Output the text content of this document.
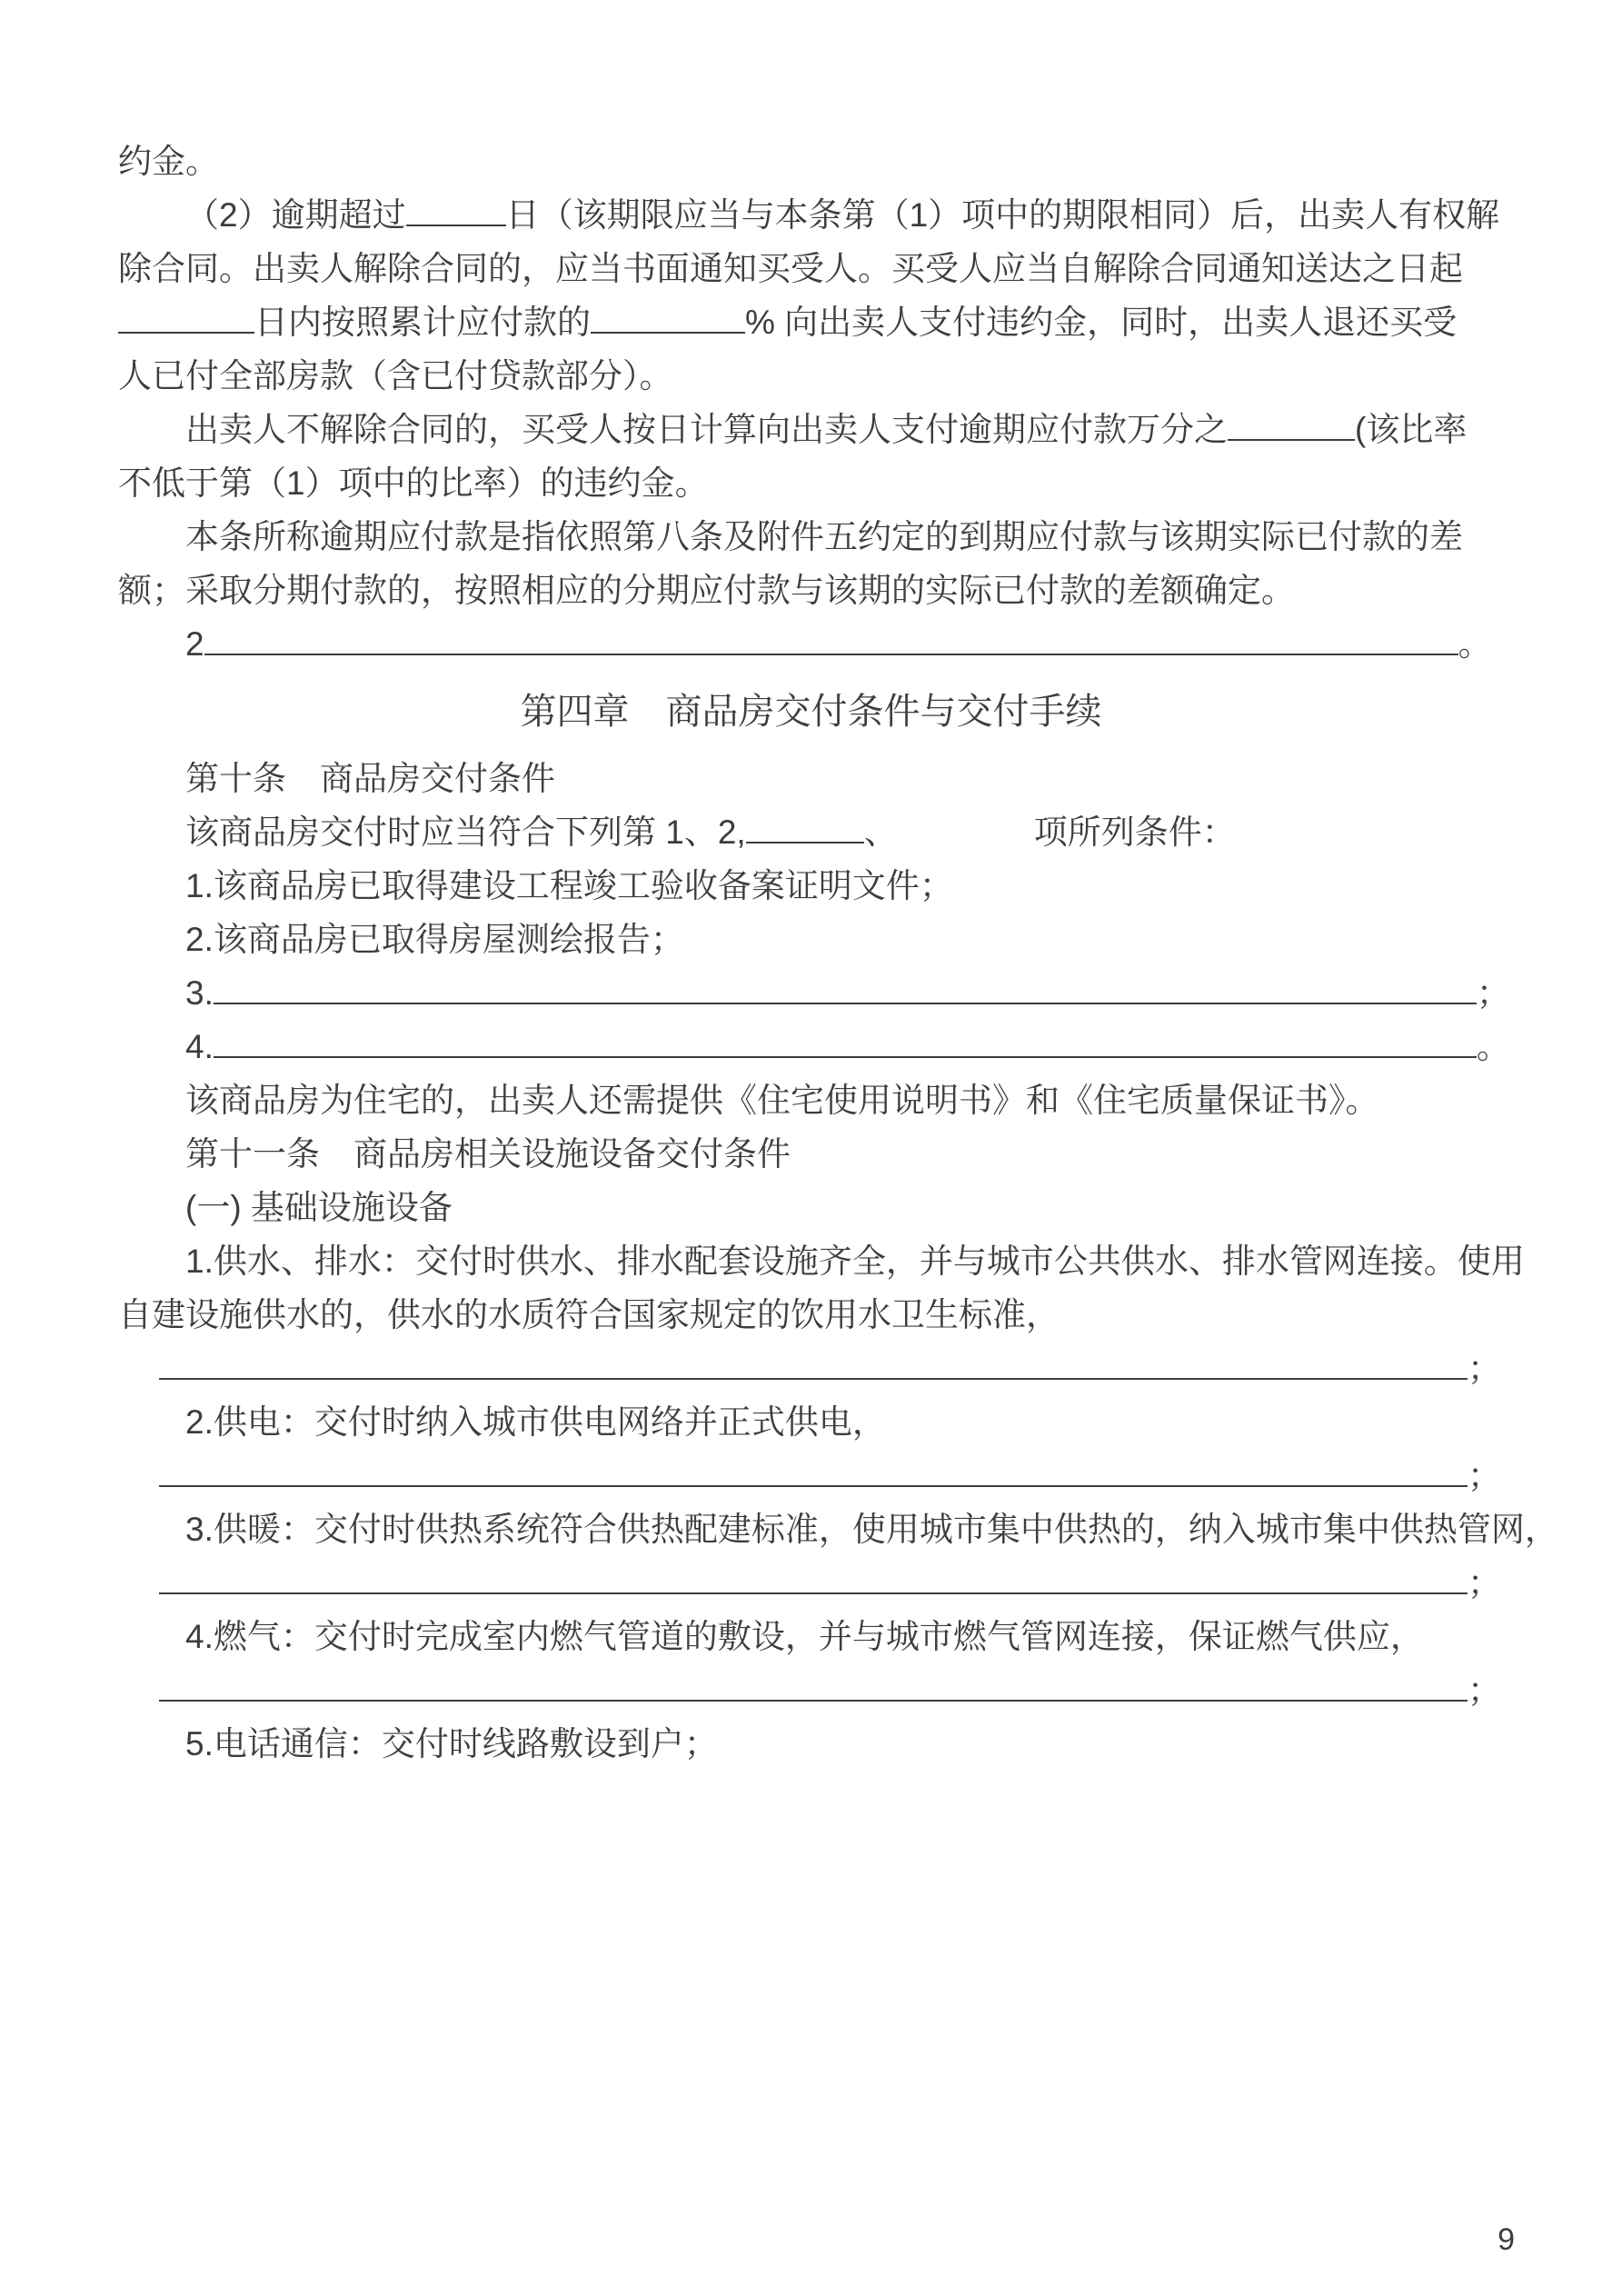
约金。
（2）逾期超过	日（该期限应当与本条第（1）项中的期限相同）后，出卖人有权解
除合同。出卖人解除合同的，应当书面通知买受人。买受人应当自解除合同通知送达之日起
日内按照累计应付款的	% 向出卖人支付违约金，同时，出卖人退还买受
人已付全部房款（含已付贷款部分）。
出卖人不解除合同的，买受人按日计算向出卖人支付逾期应付款万分之	(该比率
不低于第（1）项中的比率）的违约金。
本条所称逾期应付款是指依照第八条及附件五约定的到期应付款与该期实际已付款的差
额；采取分期付款的，按照相应的分期应付款与该期的实际已付款的差额确定。
2	。
第四章　商品房交付条件与交付手续
第十条　商品房交付条件
该商品房交付时应当符合下列第 1、2,	、	项所列条件：
1.该商品房已取得建设工程竣工验收备案证明文件；
2.该商品房已取得房屋测绘报告；
3.	；
4.	。
该商品房为住宅的，出卖人还需提供《住宅使用说明书》和《住宅质量保证书》。
第十一条　商品房相关设施设备交付条件
(一) 基础设施设备
1.供水、排水：交付时供水、排水配套设施齐全，并与城市公共供水、排水管网连接。使用
自建设施供水的，供水的水质符合国家规定的饮用水卫生标准，
；
2.供电：交付时纳入城市供电网络并正式供电，
；
3.供暖：交付时供热系统符合供热配建标准，使用城市集中供热的，纳入城市集中供热管网，
；
4.燃气：交付时完成室内燃气管道的敷设，并与城市燃气管网连接，保证燃气供应，
；
5.电话通信：交付时线路敷设到户；
9
